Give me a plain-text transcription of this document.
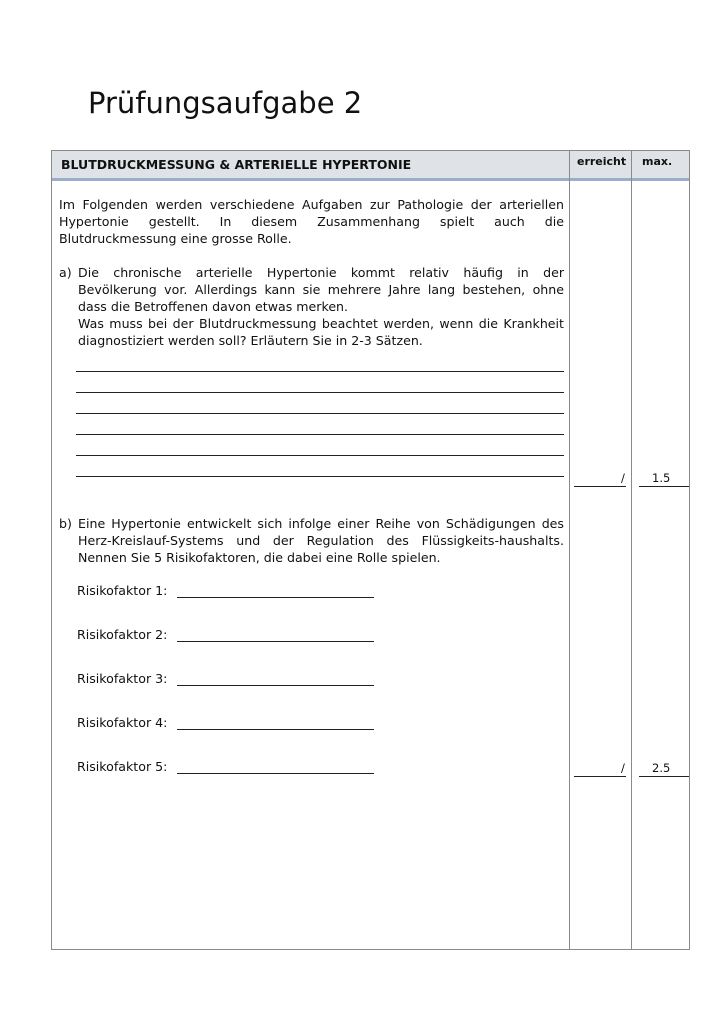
Prüfungsaufgabe 2
BLUTDRUCKMESSUNG & ARTERIELLE HYPERTONIE	erreicht max.

Im Folgenden werden verschiedene Aufgaben zur Pathologie der arteriellen Hypertonie gestellt. In diesem Zusammenhang spielt auch die Blutdruckmessung eine grosse Rolle.

a) Die chronische arterielle Hypertonie kommt relativ häufig in der Bevölkerung vor. Allerdings kann sie mehrere Jahre lang bestehen, ohne dass die Betroffenen davon etwas merken.

Was muss bei der Blutdruckmessung beachtet werden, wenn die Krankheit diagnostiziert werden soll? Erläutern Sie in 2-3 Sätzen.

/ 1.5
b) Eine Hypertonie entwickelt sich infolge einer Reihe von Schädigungen des Herz-Kreislauf-Systems und der Regulation des Flüssigkeits-haushalts. Nennen Sie 5 Risikofaktoren, die dabei eine Rolle spielen.

Risikofaktor 1:
Risikofaktor 2:
Risikofaktor 3:
Risikofaktor 4:
Risikofaktor 5:	/ 2.5
